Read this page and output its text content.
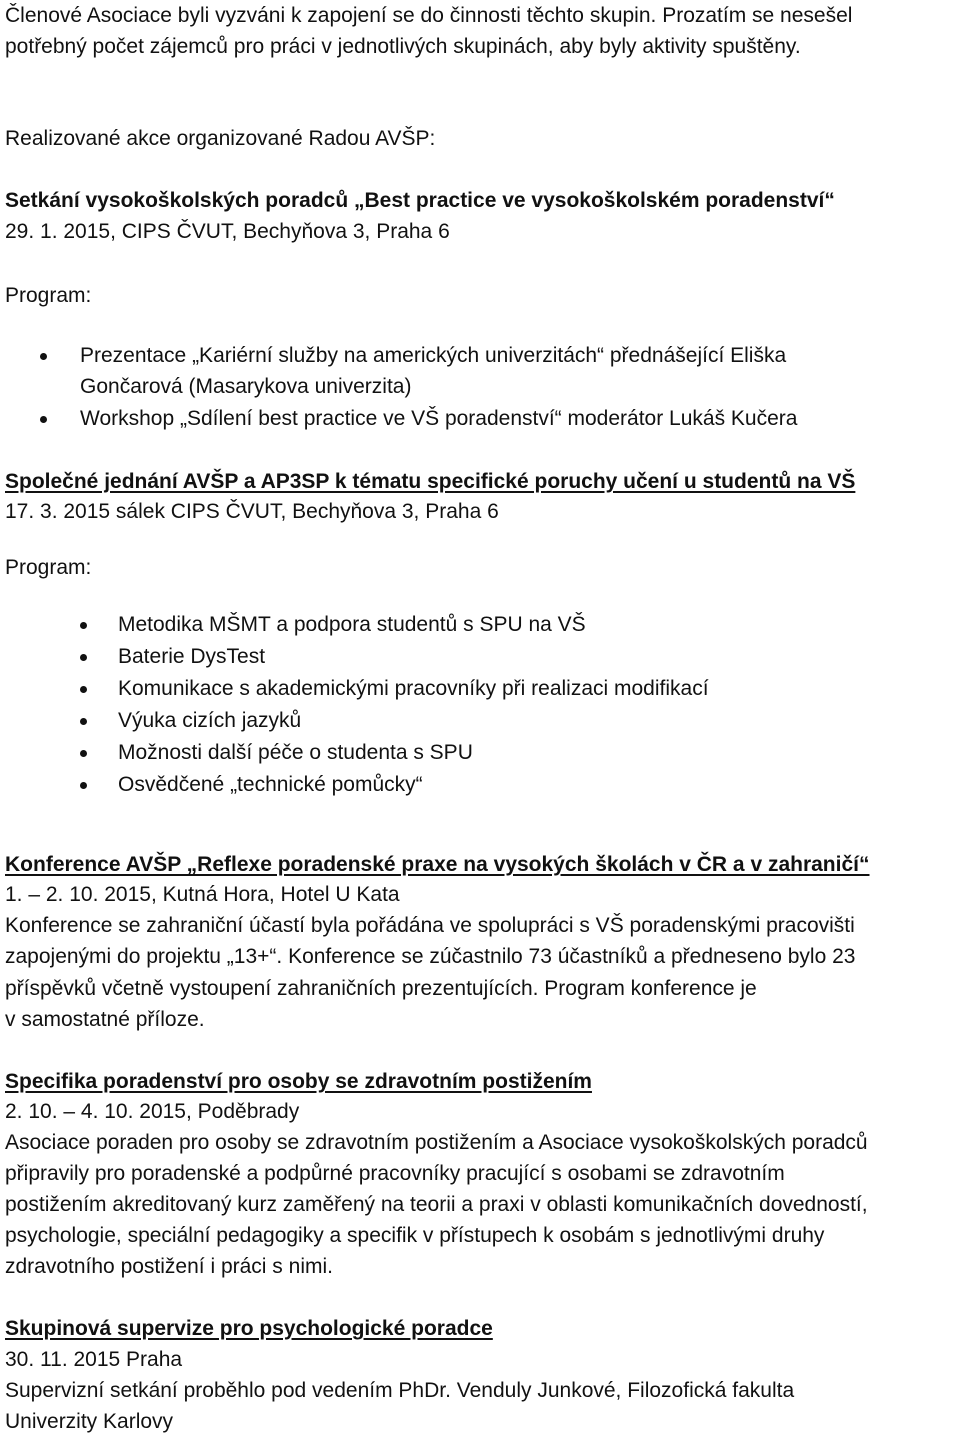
Členové Asociace byli vyzváni k zapojení se do činnosti těchto skupin. Prozatím se nesešel
potřebný počet zájemců pro práci v jednotlivých skupinách, aby byly aktivity spuštěny.
Realizované akce organizované Radou AVŠP:
Setkání vysokoškolských poradců „Best practice ve vysokoškolském poradenství“
29. 1. 2015, CIPS ČVUT, Bechyňova 3, Praha 6
Program:
Prezentace „Kariérní služby na amerických univerzitách“ přednášející Eliška
Gončarová (Masarykova univerzita)
Workshop „Sdílení best practice ve VŠ poradenství“ moderátor Lukáš Kučera
Společné jednání AVŠP a AP3SP k tématu specifické poruchy učení u studentů na VŠ
17. 3. 2015 sálek CIPS ČVUT, Bechyňova 3, Praha 6
Program:
Metodika MŠMT a podpora studentů s SPU na VŠ
Baterie DysTest
Komunikace s akademickými pracovníky při realizaci modifikací
Výuka cizích jazyků
Možnosti další péče o studenta s SPU
Osvědčené „technické pomůcky“
Konference AVŠP „Reflexe poradenské praxe na vysokých školách v ČR a v zahraničí“
1. – 2. 10. 2015, Kutná Hora, Hotel U Kata
Konference se zahraniční účastí byla pořádána ve spolupráci s VŠ poradenskými pracovišti
zapojenými do projektu „13+“. Konference se zúčastnilo 73 účastníků a předneseno bylo 23
příspěvků včetně vystoupení zahraničních prezentujících. Program konference je
v samostatné příloze.
Specifika poradenství pro osoby se zdravotním postižením
2. 10. – 4. 10. 2015, Poděbrady
Asociace poraden pro osoby se zdravotním postižením a Asociace vysokoškolských poradců
připravily pro poradenské a podpůrné pracovníky pracující s osobami se zdravotním
postižením akreditovaný kurz zaměřený na teorii a praxi v oblasti komunikačních dovedností,
psychologie, speciální pedagogiky a specifik v přístupech k osobám s jednotlivými druhy
zdravotního postižení i práci s nimi.
Skupinová supervize pro psychologické poradce
30. 11. 2015 Praha
Supervizní setkání proběhlo pod vedením PhDr. Venduly Junkové, Filozofická fakulta
Univerzity Karlovy
